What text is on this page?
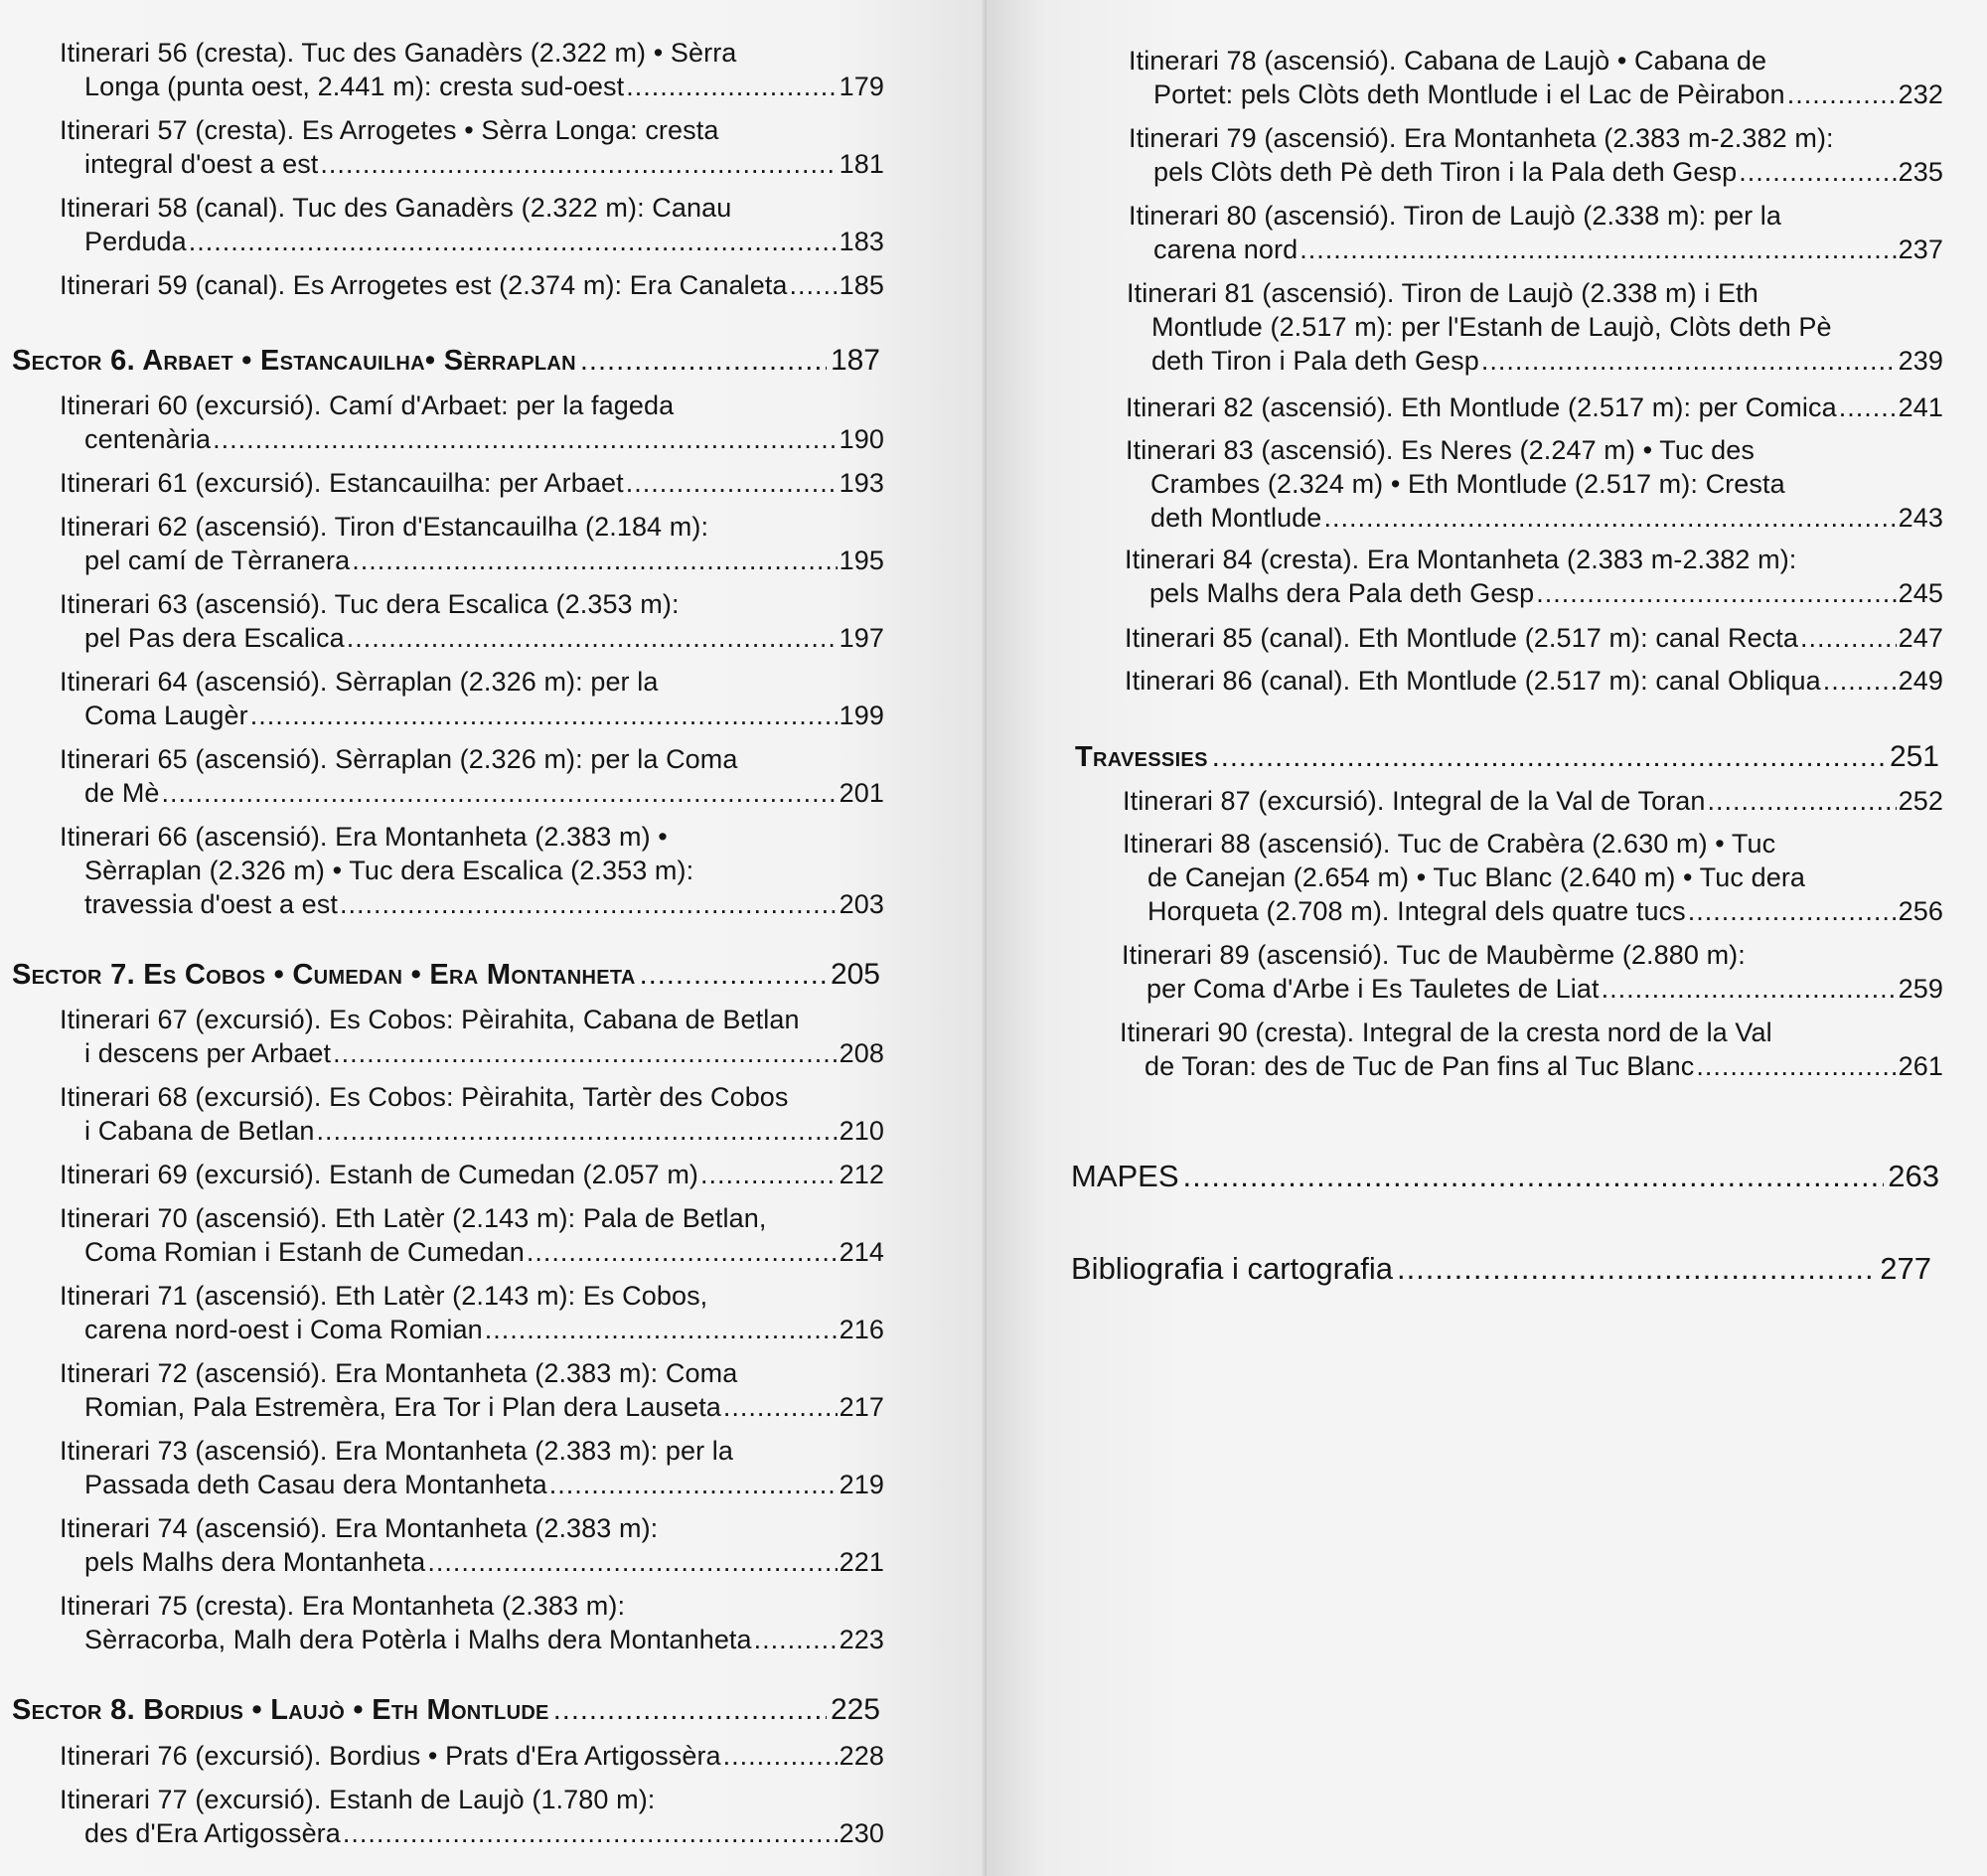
Itinerari 56 (cresta). Tuc des Ganadèrs (2.322 m) • Sèrra
Longa (punta oest, 2.441 m): cresta sud-oest .....	179
Itinerari 57 (cresta). Es Arrogetes • Sèrra Longa: cresta
integral d'oest a est .....	181
Itinerari 58 (canal). Tuc des Ganadèrs (2.322 m): Canau
Perduda .....	183
Itinerari 59 (canal). Es Arrogetes est (2.374 m): Era Canaleta ..... 185
Sector 6. Arbaet • Estancauilha• Sèrraplan .....	187
Itinerari 60 (excursió). Camí d'Arbaet: per la fageda
centenària .....	190
Itinerari 61 (excursió). Estancauilha: per Arbaet .....	193
Itinerari 62 (ascensió). Tiron d'Estancauilha (2.184 m):
pel camí de Tèrranera .....	195
Itinerari 63 (ascensió). Tuc dera Escalica (2.353 m):
pel Pas dera Escalica .....	197
Itinerari 64 (ascensió). Sèrraplan (2.326 m): per la
Coma Laugèr .....	199
Itinerari 65 (ascensió). Sèrraplan (2.326 m): per la Coma
de Mè .....	201
Itinerari 66 (ascensió). Era Montanheta (2.383 m) •
Sèrraplan (2.326 m) • Tuc dera Escalica (2.353 m):
travessia d'oest a est .....	203
Sector 7. Es Cobos • Cumedan • Era Montanheta .....	205
Itinerari 67 (excursió). Es Cobos: Pèirahita, Cabana de Betlan
i descens per Arbaet .....	208
Itinerari 68 (excursió). Es Cobos: Pèirahita, Tartèr des Cobos
i Cabana de Betlan .....	210
Itinerari 69 (excursió). Estanh de Cumedan (2.057 m) .....	212
Itinerari 70 (ascensió). Eth Latèr (2.143 m): Pala de Betlan,
Coma Romian i Estanh de Cumedan .....	214
Itinerari 71 (ascensió). Eth Latèr (2.143 m): Es Cobos,
carena nord-oest i Coma Romian .....	216
Itinerari 72 (ascensió). Era Montanheta (2.383 m): Coma
Romian, Pala Estremèra, Era Tor i Plan dera Lauseta .....	217
Itinerari 73 (ascensió). Era Montanheta (2.383 m): per la
Passada deth Casau dera Montanheta .....	219
Itinerari 74 (ascensió). Era Montanheta (2.383 m):
pels Malhs dera Montanheta .....	221
Itinerari 75 (cresta). Era Montanheta (2.383 m):
Sèrracorba, Malh dera Potèrla i Malhs dera Montanheta .....	223
Sector 8. Bordius • Laujò • Eth Montlude .....	225
Itinerari 76 (excursió). Bordius • Prats d'Era Artigossèra .....	228
Itinerari 77 (excursió). Estanh de Laujò (1.780 m):
des d'Era Artigossèra .....	230
Itinerari 78 (ascensió). Cabana de Laujò • Cabana de
Portet: pels Clòts deth Montlude i el Lac de Pèirabon .....	232
Itinerari 79 (ascensió). Era Montanheta (2.383 m-2.382 m):
pels Clòts deth Pè deth Tiron i la Pala deth Gesp .....	235
Itinerari 80 (ascensió). Tiron de Laujò (2.338 m): per la
carena nord .....	237
Itinerari 81 (ascensió). Tiron de Laujò (2.338 m) i Eth
Montlude (2.517 m): per l'Estanh de Laujò, Clòts deth Pè
deth Tiron i Pala deth Gesp .....	239
Itinerari 82 (ascensió). Eth Montlude (2.517 m): per Comica ..... 241
Itinerari 83 (ascensió). Es Neres (2.247 m) • Tuc des
Crambes (2.324 m) • Eth Montlude (2.517 m): Cresta
deth Montlude .....	243
Itinerari 84 (cresta). Era Montanheta (2.383 m-2.382 m):
pels Malhs dera Pala deth Gesp .....	245
Itinerari 85 (canal). Eth Montlude (2.517 m): canal Recta .....	247
Itinerari 86 (canal). Eth Montlude (2.517 m): canal Obliqua .....	249
Travessies .....	251
Itinerari 87 (excursió). Integral de la Val de Toran .....	252
Itinerari 88 (ascensió). Tuc de Crabèra (2.630 m) • Tuc
de Canejan (2.654 m) • Tuc Blanc (2.640 m) • Tuc dera
Horqueta (2.708 m). Integral dels quatre tucs .....	256
Itinerari 89 (ascensió). Tuc de Maubèrme (2.880 m):
per Coma d'Arbe i Es Tauletes de Liat .....	259
Itinerari 90 (cresta). Integral de la cresta nord de la Val
de Toran: des de Tuc de Pan fins al Tuc Blanc .....	261
MAPES .....	263
Bibliografia i cartografia .....	277
